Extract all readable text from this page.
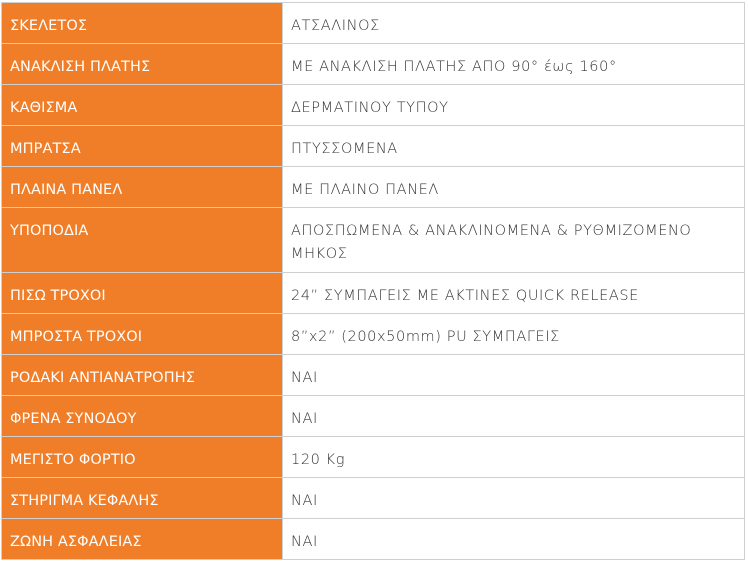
ΣΚΕΛΕΤΟΣ	ΑΤΣΑΛΙΝΟΣ
ΑΝΑΚΛΙΣΗ ΠΛΑΤΗΣ	ΜΕ ΑΝΑΚΛΙΣΗ ΠΛΑΤΗΣ ΑΠΟ 90° έως 160°
ΚΑΘΙΣΜΑ	ΔΕΡΜΑΤΙΝΟΥ ΤΥΠΟΥ
ΜΠΡΑΤΣΑ	ΠΤΥΣΣΟΜΕΝΑ
ΠΛΑΙΝΑ ΠΑΝΕΛ	ΜΕ ΠΛΑΙΝΟ ΠΑΝΕΛ
ΥΠΟΠΟΔΙΑ	ΑΠΟΣΠΩΜΕΝΑ & ΑΝΑΚΛΙΝΟΜΕΝΑ & ΡΥΘΜΙΖΟΜΕΝΟ ΜΗΚΟΣ
ΠΙΣΩ ΤΡΟΧΟΙ	24” ΣΥΜΠΑΓΕΙΣ ΜΕ ΑΚΤΙΝΕΣ QUICK RELEASE
ΜΠΡΟΣΤΑ ΤΡΟΧΟΙ	8”x2” (200x50mm) PU ΣΥΜΠΑΓΕΙΣ
ΡΟΔΑΚΙ ΑΝΤΙΑΝΑΤΡΟΠΗΣ	ΝΑΙ
ΦΡΕΝΑ ΣΥΝΟΔΟΥ	ΝΑΙ
ΜΕΓΙΣΤΟ ΦΟΡΤΙΟ	120 Kg
ΣΤΗΡΙΓΜΑ ΚΕΦΑΛΗΣ	ΝΑΙ
ΖΩΝΗ ΑΣΦΑΛΕΙΑΣ	ΝΑΙ
